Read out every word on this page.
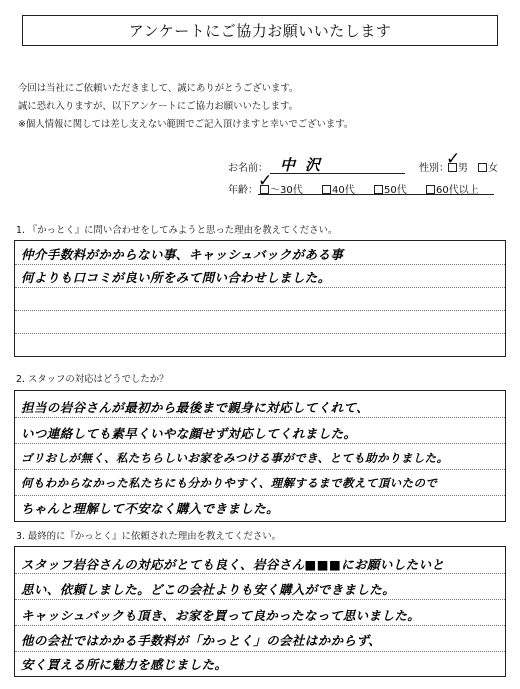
アンケートにご協力お願いいたします
今回は当社にご依頼いただきまして、誠にありがとうございます。
誠に恐れ入りますが、以下アンケートにご協力お願いいたします。
※個人情報に関しては差し支えない範囲でご記入頂けますと幸いでございます。
お名前： 中沢	性別： 男
✓	女
年齢：	～30代
✓	40代	50代	60代以上
1. 『かっとく』に問い合わせをしてみようと思った理由を教えてください。
仲介手数料がかからない事、キャッシュバックがある事
何よりも口コミが良い所をみて問い合わせしました。
2. スタッフの対応はどうでしたか？
担当の岩谷さんが最初から最後まで親身に対応してくれて、
いつ連絡しても素早くいやな顔せず対応してくれました。
ゴリおしが無く、私たちらしいお家をみつける事ができ、とても助かりました。
何もわからなかった私たちにも分かりやすく、理解するまで教えて頂いたので
ちゃんと理解して不安なく購入できました。
3. 最終的に『かっとく』に依頼された理由を教えてください。
スタッフ岩谷さんの対応がとても良く、岩谷さん■■■にお願いしたいと
思い、依頼しました。どこの会社よりも安く購入ができました。
キャッシュバックも頂き、お家を買って良かったなって思いました。
他の会社ではかかる手数料が「かっとく」の会社はかからず、
安く買える所に魅力を感じました。
